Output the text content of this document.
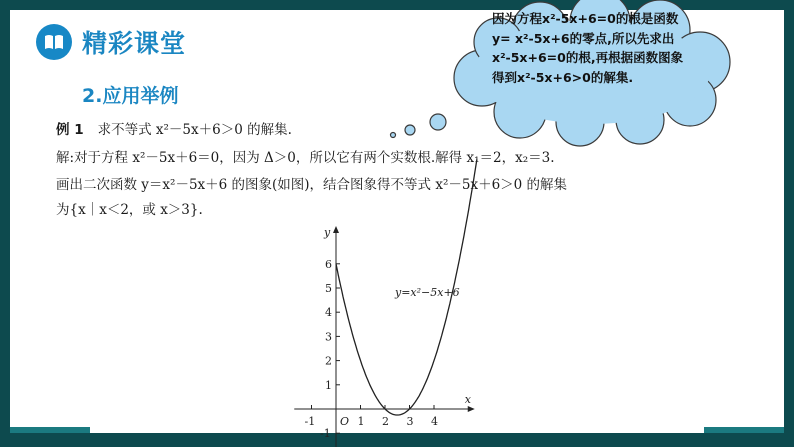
精彩课堂
2.应用举例
例 1 求不等式 x²－5x＋6＞0 的解集.
解:对于方程 x²－5x＋6＝0，因为 Δ＞0，所以它有两个实数根.解得 x₁＝2，x₂＝3.
画出二次函数 y＝x²－5x＋6 的图象(如图)，结合图象得不等式 x²－5x＋6＞0 的解集
为{x｜x＜2，或 x＞3}.
因为方程x²-5x+6=0的根是函数y= x²-5x+6的零点,所以先求出x²-5x+6=0的根,再根据函数图象得到x²-5x+6>0的解集.
x
y
O
-1	1 2 3 4
6
5
4
3
2
1
-1
y=x²−5x+6
